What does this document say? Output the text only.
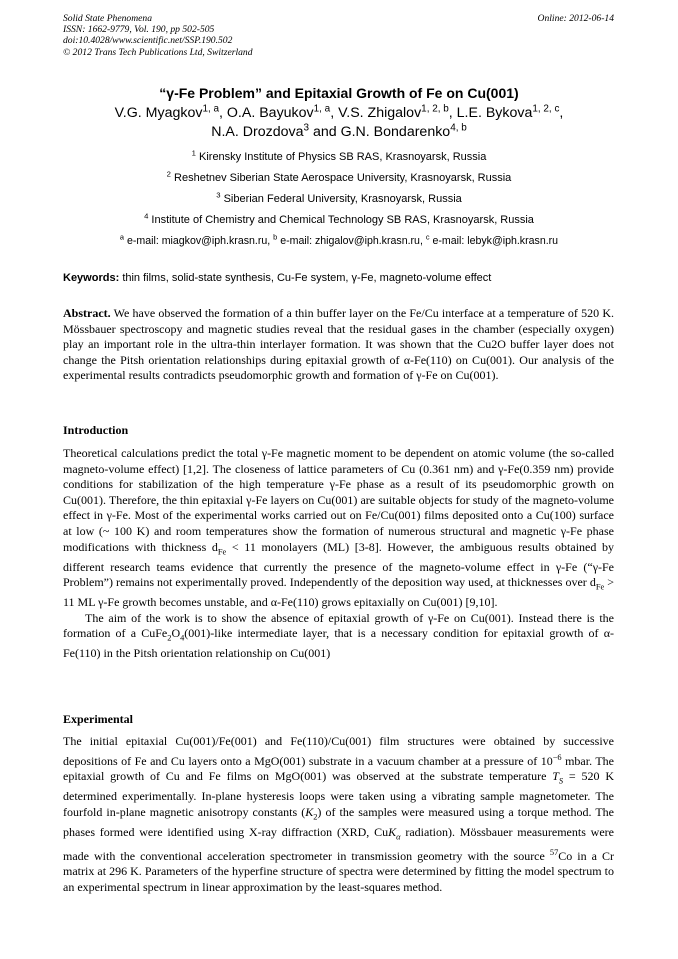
Solid State Phenomena
ISSN: 1662-9779, Vol. 190, pp 502-505
doi:10.4028/www.scientific.net/SSP.190.502
© 2012 Trans Tech Publications Ltd, Switzerland
Online: 2012-06-14
“γ-Fe Problem” and Epitaxial Growth of Fe on Cu(001)
V.G. Myagkov$^{1, a}$, O.A. Bayukov$^{1, a}$, V.S. Zhigalov$^{1, 2, b}$, L.E. Bykova$^{1, 2, c}$,
N.A. Drozdova$^3$ and G.N. Bondarenko$^{4, b}$
$^1$ Kirensky Institute of Physics SB RAS, Krasnoyarsk, Russia
$^2$ Reshetnev Siberian State Aerospace University, Krasnoyarsk, Russia
$^3$ Siberian Federal University, Krasnoyarsk, Russia
$^4$ Institute of Chemistry and Chemical Technology SB RAS, Krasnoyarsk, Russia
$^a$ e-mail: miagkov@iph.krasn.ru, $^b$ e-mail: zhigalov@iph.krasn.ru, $^c$ e-mail: lebyk@iph.krasn.ru
Keywords: thin films, solid-state synthesis, Cu-Fe system, γ-Fe, magneto-volume effect

Abstract. We have observed the formation of a thin buffer layer on the Fe/Cu interface at a temperature of 520 K. Mössbauer spectroscopy and magnetic studies reveal that the residual gases in the chamber (especially oxygen) play an important role in the ultra-thin interlayer formation. It was shown that the Cu2O buffer layer does not change the Pitsh orientation relationships during epitaxial growth of α-Fe(110) on Cu(001). Our analysis of the experimental results contradicts pseudomorphic growth and formation of γ-Fe on Cu(001).

Introduction

Theoretical calculations predict the total γ-Fe magnetic moment to be dependent on atomic volume (the so-called magneto-volume effect) [1,2]. The closeness of lattice parameters of Cu (0.361 nm) and γ-Fe(0.359 nm) provide conditions for stabilization of the high temperature γ-Fe phase as a result of its pseudomorphic growth on Cu(001). Therefore, the thin epitaxial γ-Fe layers on Cu(001) are suitable objects for study of the magneto-volume effect in γ-Fe. Most of the experimental works carried out on Fe/Cu(001) films deposited onto a Cu(100) surface at low (~ 100 K) and room temperatures show the formation of numerous structural and magnetic γ-Fe phase modifications with thickness $d_{Fe} < 11$ monolayers (ML) [3-8]. However, the ambiguous results obtained by different research teams evidence that currently the presence of the magneto-volume effect in γ-Fe (“γ-Fe Problem”) remains not experimentally proved. Independently of the deposition way used, at thicknesses over $d_{Fe} > 11$ ML γ-Fe growth becomes unstable, and α-Fe(110) grows epitaxially on Cu(001) [9,10].

The aim of the work is to show the absence of epitaxial growth of γ-Fe on Cu(001). Instead there is the formation of a $CuFe_2O_4(001)$-like intermediate layer, that is a necessary condition for epitaxial growth of α-Fe(110) in the Pitsh orientation relationship on Cu(001)

Experimental

The initial epitaxial Cu(001)/Fe(001) and Fe(110)/Cu(001) film structures were obtained by successive depositions of Fe and Cu layers onto a MgO(001) substrate in a vacuum chamber at a pressure of $10^{-6}$ mbar. The epitaxial growth of Cu and Fe films on MgO(001) was observed at the substrate temperature $T_S = 520$ K determined experimentally. In-plane hysteresis loops were taken using a vibrating sample magnetometer. The fourfold in-plane magnetic anisotropy constants $(K_2)$ of the samples were measured using a torque method. The phases formed were identified using X-ray diffraction (XRD, CuK$_\alpha$ radiation). Mössbauer measurements were made with the conventional acceleration spectrometer in transmission geometry with the source $^{57}$Co in a Cr matrix at 296 K. Parameters of the hyperfine structure of spectra were determined by fitting the model spectrum to an experimental spectrum in linear approximation by the least-squares method.
